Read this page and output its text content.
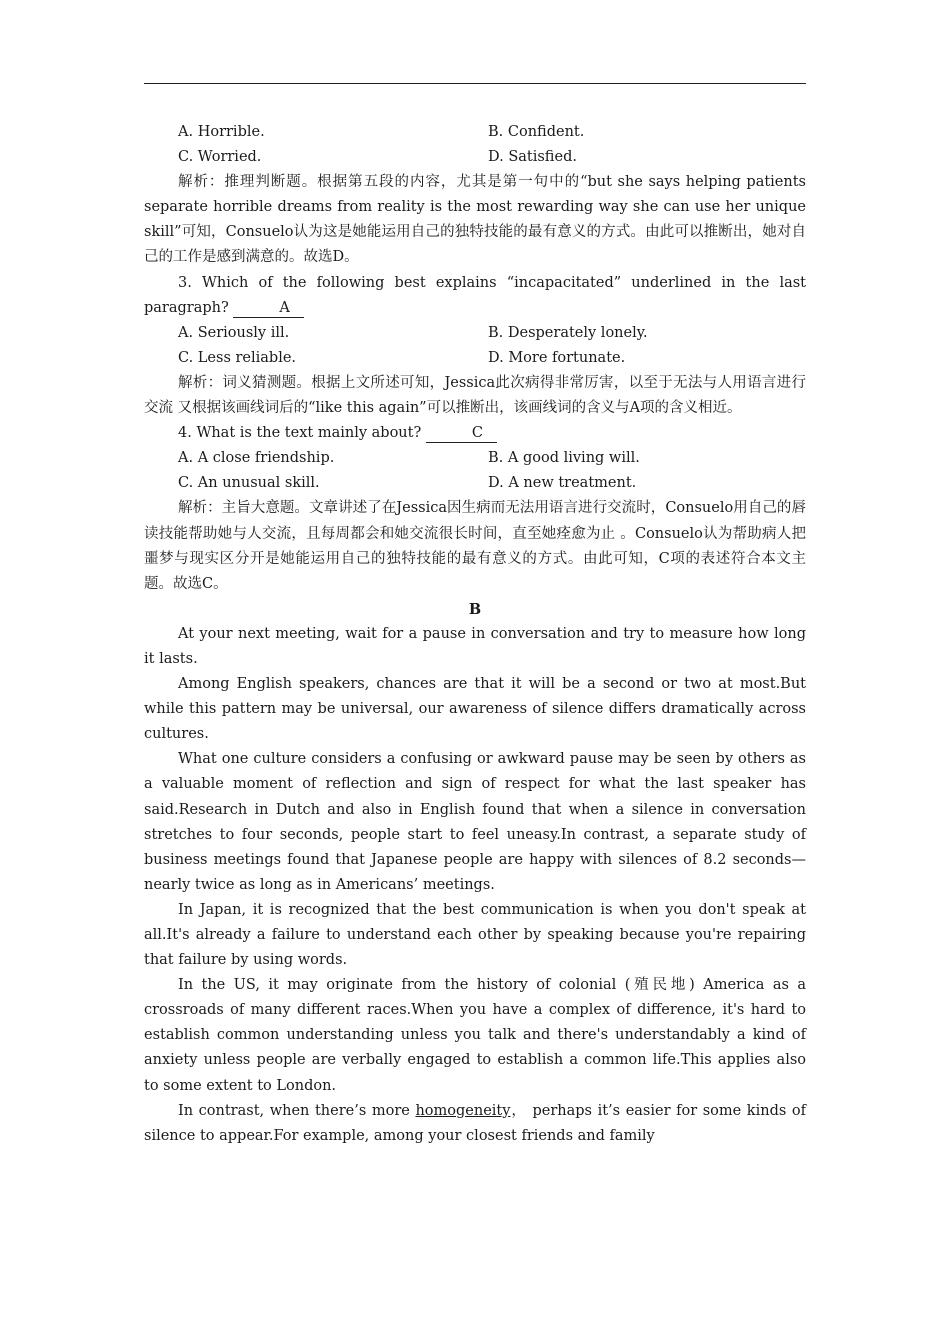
A. Horrible.	B. Confident.
C. Worried.	D. Satisfied.

解析：推理判断题。根据第五段的内容，尤其是第一句中的“but she says helping patients separate horrible dreams from reality is the most rewarding way she can use her unique skill”可知，Consuelo认为这是她能运用自己的独特技能的最有意义的方式。由此可以推断出，她对自己的工作是感到满意的。故选D。

3. Which of the following best explains “incapacitated” underlined in the last paragraph?	A

A. Seriously ill.	B. Desperately lonely.
C. Less reliable.	D. More fortunate.

解析：词义猜测题。根据上文所述可知，Jessica此次病得非常厉害，以至于无法与人用语言进行交流 又根据该画线词后的“like this again”可以推断出，该画线词的含义与A项的含义相近。

4. What is the text mainly about?	C

A. A close friendship.	B. A good living will.
C. An unusual skill.	D. A new treatment.

解析：主旨大意题。文章讲述了在Jessica因生病而无法用语言进行交流时，Consuelo用自己的唇读技能帮助她与人交流，且每周都会和她交流很长时间，直至她痊愈为止 。Consuelo认为帮助病人把噩梦与现实区分开是她能运用自己的独特技能的最有意义的方式。由此可知，C项的表述符合本文主题。故选C。

B

At your next meeting, wait for a pause in conversation and try to measure how long it lasts.

Among English speakers, chances are that it will be a second or two at most.But while this pattern may be universal, our awareness of silence differs dramatically across cultures.

What one culture considers a confusing or awkward pause may be seen by others as a valuable moment of reflection and sign of respect for what the last speaker has said.Research in Dutch and also in English found that when a silence in conversation stretches to four seconds, people start to feel uneasy.In contrast, a separate study of business meetings found that Japanese people are happy with silences of 8.2 seconds—nearly twice as long as in Americans’ meetings.

In Japan, it is recognized that the best communication is when you don't speak at all.It's already a failure to understand each other by speaking because you're repairing that failure by using words.

In the US, it may originate from the history of colonial (殖民地) America as a crossroads of many different races.When you have a complex of difference, it's hard to establish common understanding unless you talk and there's understandably a kind of anxiety unless people are verbally engaged to establish a common life.This applies also to some extent to London.

In contrast, when there’s more homogeneity， perhaps it’s easier for some kinds of silence to appear.For example, among your closest friends and family
